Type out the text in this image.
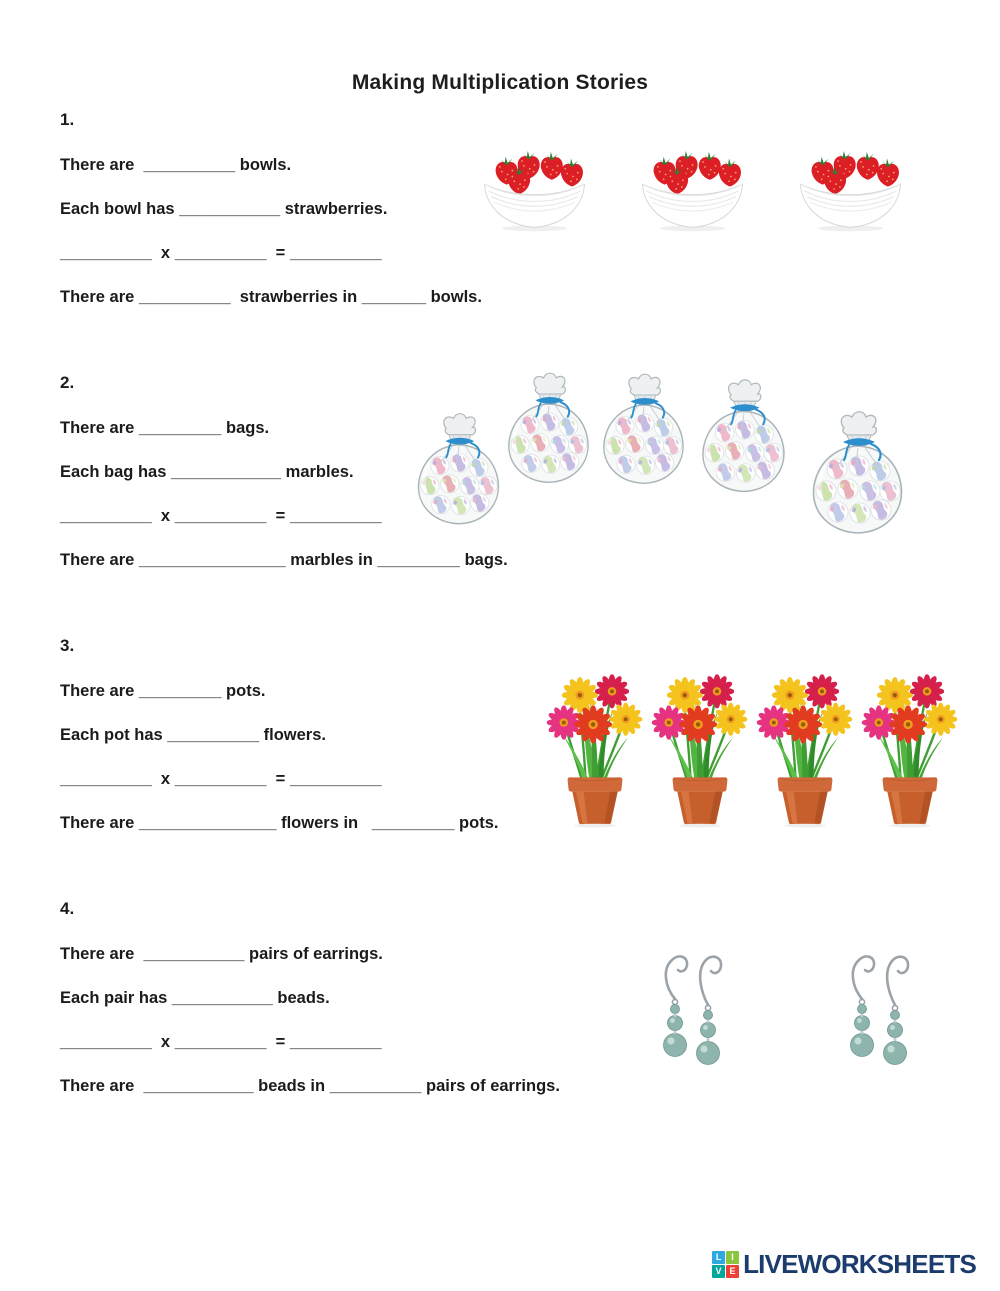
Making Multiplication Stories
1.
There are  __________ bowls.
Each bowl has ___________ strawberries.
__________  x __________  = __________
There are __________  strawberries in _______ bowls.
2.
There are _________ bags.
Each bag has ____________ marbles.
__________  x __________  = __________
There are ________________ marbles in _________ bags.
3.
There are _________ pots.
Each pot has __________ flowers.
__________  x __________  = __________
There are _______________ flowers in   _________ pots.
4.
There are  ___________ pairs of earrings.
Each pair has ___________ beads.
__________  x __________  = __________
There are  ____________ beads in __________ pairs of earrings.
L	I
V E LIVEWORKSHEETS
